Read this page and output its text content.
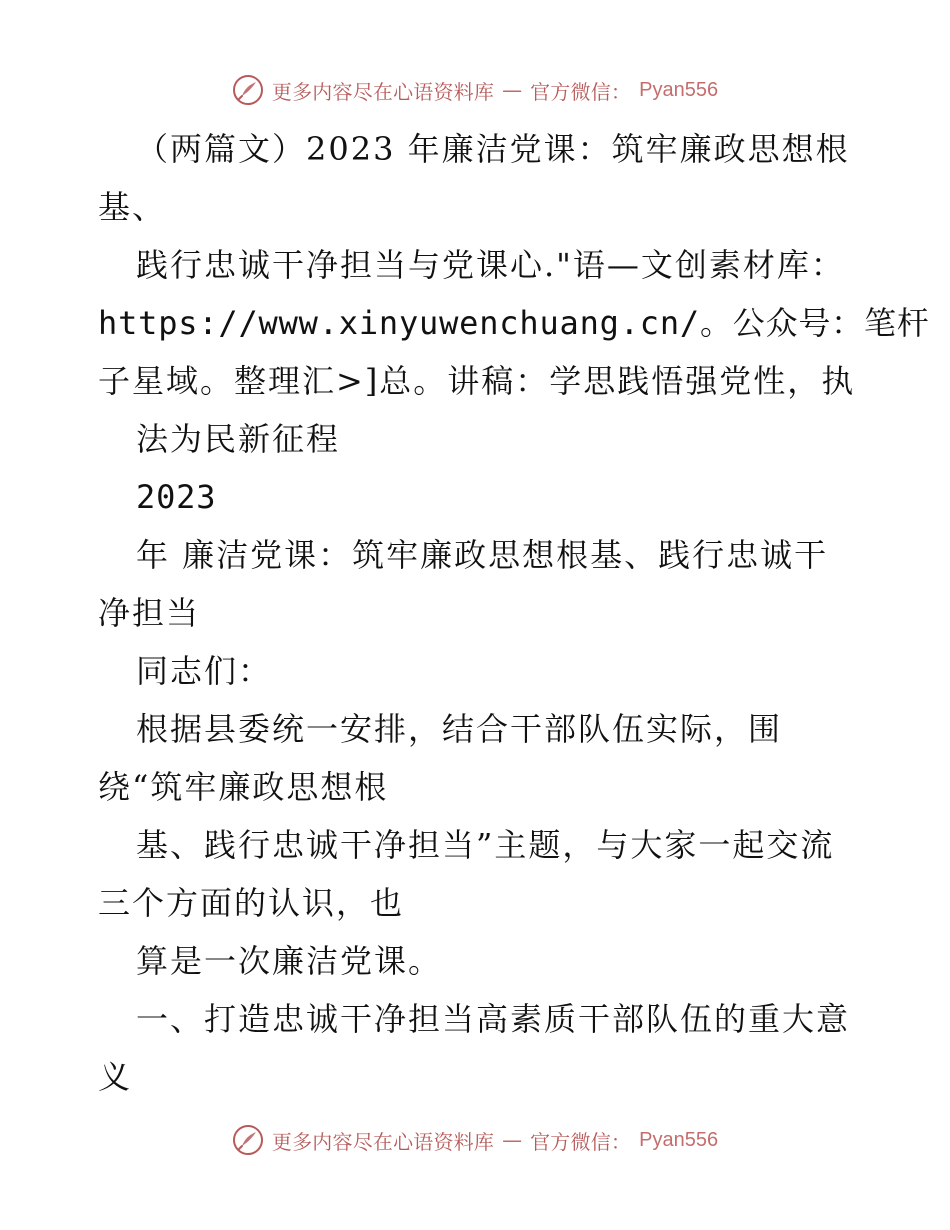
更多内容尽在心语资料库 — 官方微信： Pyan556
（两篇文）2023 年廉洁党课：筑牢廉政思想根
基、
践行忠诚干净担当与党课心."语—文创素材库：
https://www.xinyuwenchuang.cn/。公众号：笔杆
子星域。整理汇>]总。讲稿：学思践悟强党性，执
法为民新征程
2023
年 廉洁党课：筑牢廉政思想根基、践行忠诚干
净担当
同志们：
根据县委统一安排，结合干部队伍实际，围
绕“筑牢廉政思想根
基、践行忠诚干净担当”主题，与大家一起交流
三个方面的认识，也
算是一次廉洁党课。
一、打造忠诚干净担当高素质干部队伍的重大意
义
更多内容尽在心语资料库 — 官方微信： Pyan556
